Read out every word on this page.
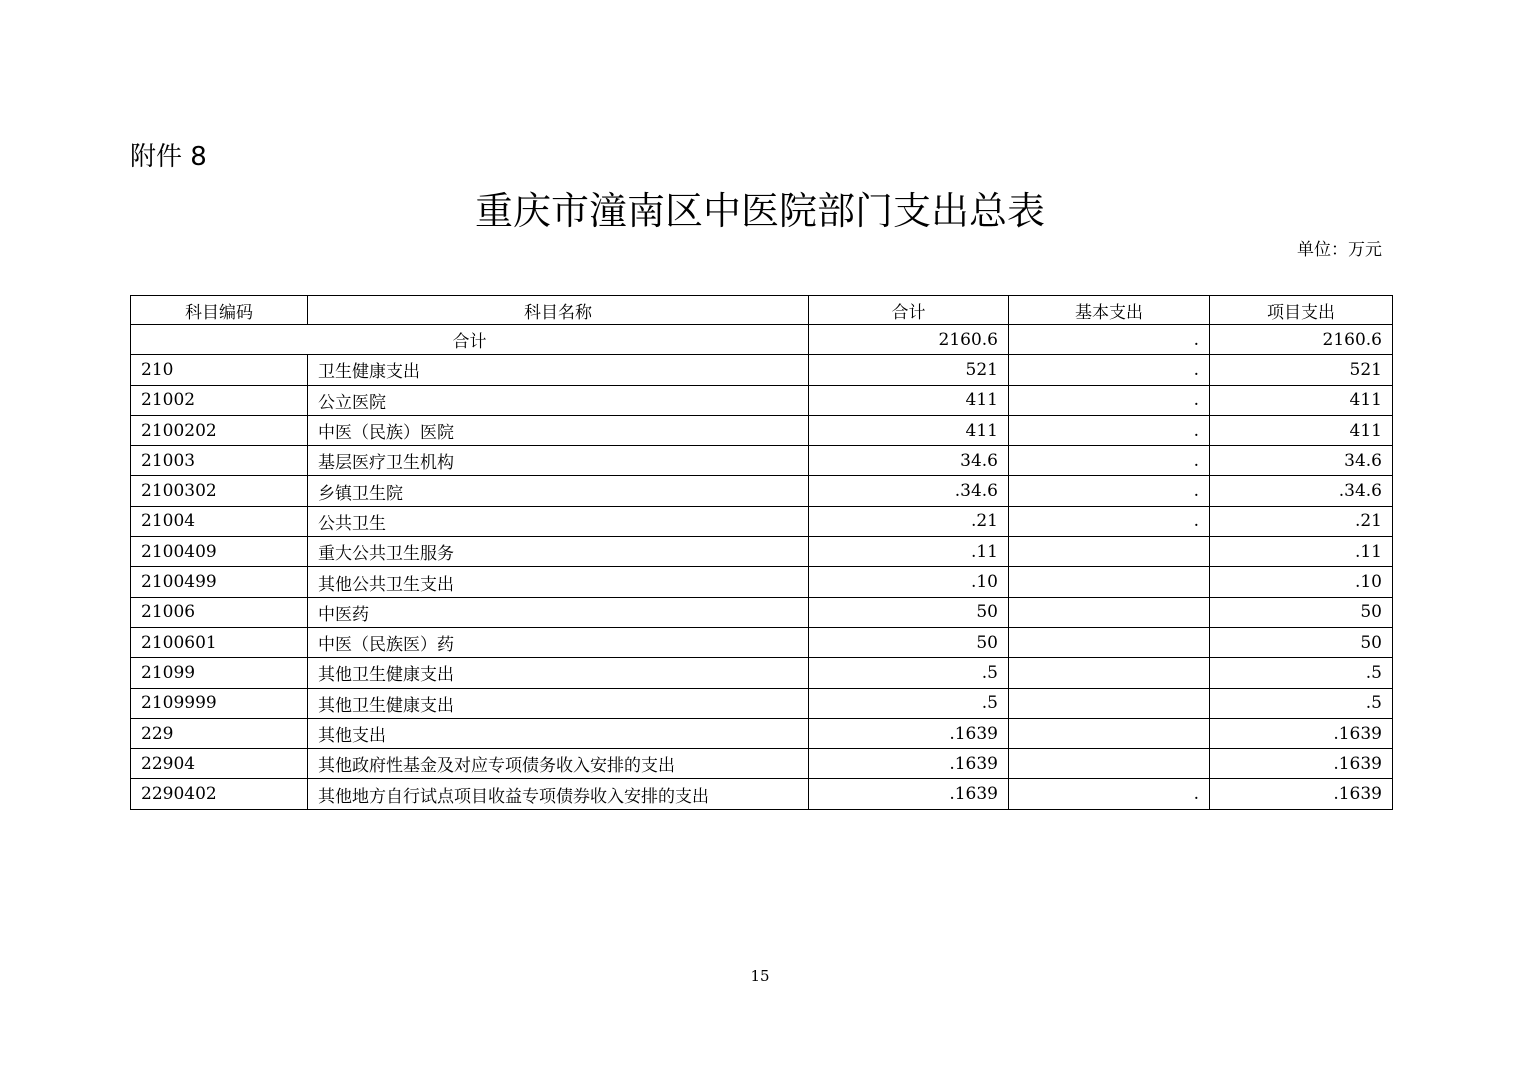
附件 8
重庆市潼南区中医院部门支出总表
单位：万元
科目编码	科目名称	合计	基本支出	项目支出
合计		2160.6	.	2160.6
210	卫生健康支出	521	.	521
21002	公立医院	411	.	411
2100202	中医（民族）医院	411	.	411
21003	基层医疗卫生机构	34.6	.	34.6
2100302	乡镇卫生院	.34.6	.	.34.6
21004	公共卫生	.21	.	.21
2100409	重大公共卫生服务	.11		.11
2100499	其他公共卫生支出	.10		.10
21006	中医药	50		50
2100601	中医（民族医）药	50		50
21099	其他卫生健康支出	.5		.5
2109999	其他卫生健康支出	.5		.5
229	其他支出	.1639		.1639
22904	其他政府性基金及对应专项债务收入安排的支出	.1639		.1639
2290402	其他地方自行试点项目收益专项债券收入安排的支出	.1639	.	.1639
15
